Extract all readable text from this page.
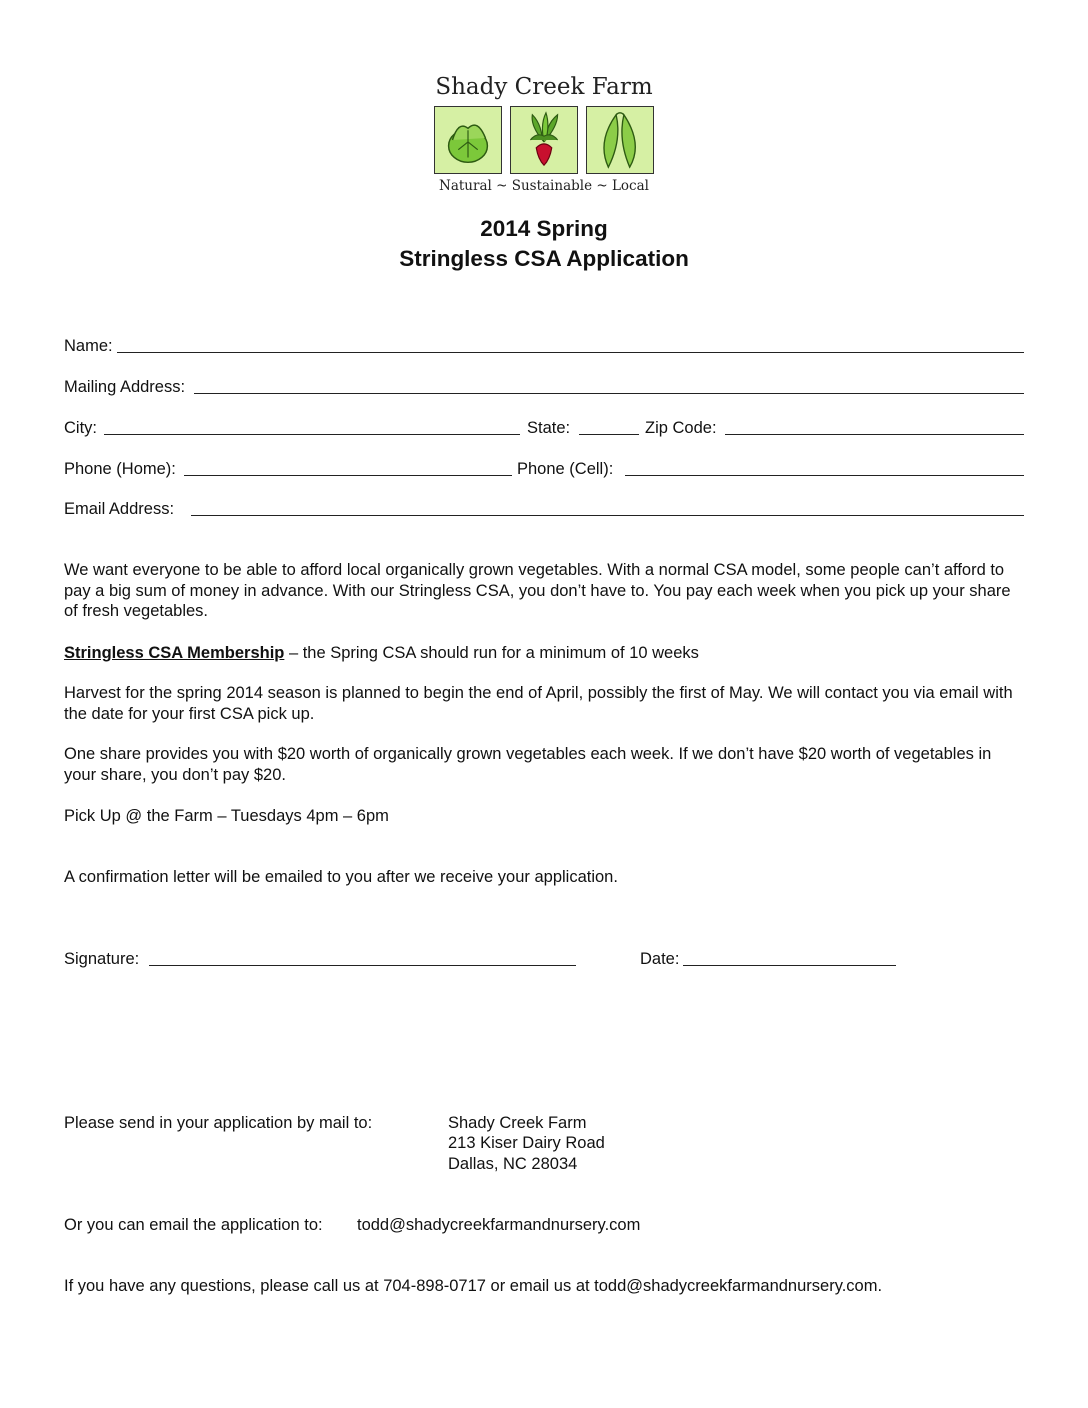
Shady Creek Farm
Natural ~ Sustainable ~ Local
2014 Spring
Stringless CSA Application
Name:
Mailing Address:
City:	State:	Zip Code:
Phone (Home):	Phone (Cell):
Email Address:
We want everyone to be able to afford local organically grown vegetables. With a normal CSA model, some people can’t afford to pay a big sum of money in advance. With our Stringless CSA, you don’t have to. You pay each week when you pick up your share of fresh vegetables.
Stringless CSA Membership – the Spring CSA should run for a minimum of 10 weeks
Harvest for the spring 2014 season is planned to begin the end of April, possibly the first of May. We will contact you via email with the date for your first CSA pick up.
One share provides you with $20 worth of organically grown vegetables each week. If we don’t have $20 worth of vegetables in your share, you don’t pay $20.
Pick Up @ the Farm – Tuesdays 4pm – 6pm
A confirmation letter will be emailed to you after we receive your application.
Signature:	Date:
Please send in your application by mail to:	Shady Creek Farm
213 Kiser Dairy Road
Dallas, NC 28034
Or you can email the application to: todd@shadycreekfarmandnursery.com
If you have any questions, please call us at 704-898-0717 or email us at todd@shadycreekfarmandnursery.com.
